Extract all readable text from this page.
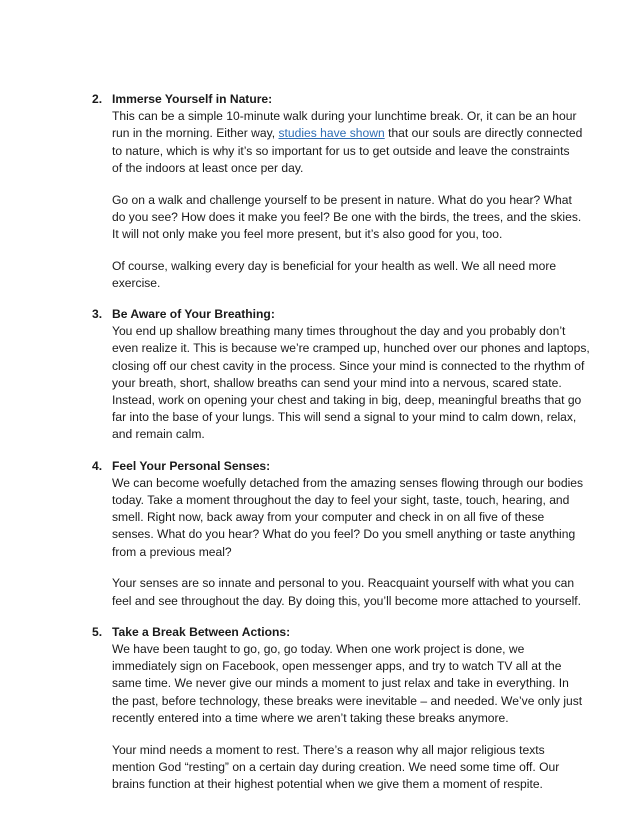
2. Immerse Yourself in Nature:

This can be a simple 10-minute walk during your lunchtime break. Or, it can be an hour
run in the morning. Either way, studies have shown that our souls are directly connected
to nature, which is why it’s so important for us to get outside and leave the constraints
of the indoors at least once per day.

Go on a walk and challenge yourself to be present in nature. What do you hear? What
do you see? How does it make you feel? Be one with the birds, the trees, and the skies.
It will not only make you feel more present, but it’s also good for you, too.

Of course, walking every day is beneficial for your health as well. We all need more
exercise.

3. Be Aware of Your Breathing:

You end up shallow breathing many times throughout the day and you probably don’t
even realize it. This is because we’re cramped up, hunched over our phones and laptops,
closing off our chest cavity in the process. Since your mind is connected to the rhythm of
your breath, short, shallow breaths can send your mind into a nervous, scared state.
Instead, work on opening your chest and taking in big, deep, meaningful breaths that go
far into the base of your lungs. This will send a signal to your mind to calm down, relax,
and remain calm.

4. Feel Your Personal Senses:

We can become woefully detached from the amazing senses flowing through our bodies
today. Take a moment throughout the day to feel your sight, taste, touch, hearing, and
smell. Right now, back away from your computer and check in on all five of these
senses. What do you hear? What do you feel? Do you smell anything or taste anything
from a previous meal?

Your senses are so innate and personal to you. Reacquaint yourself with what you can
feel and see throughout the day. By doing this, you’ll become more attached to yourself.

5. Take a Break Between Actions:

We have been taught to go, go, go today. When one work project is done, we
immediately sign on Facebook, open messenger apps, and try to watch TV all at the
same time. We never give our minds a moment to just relax and take in everything. In
the past, before technology, these breaks were inevitable – and needed. We’ve only just
recently entered into a time where we aren’t taking these breaks anymore.

Your mind needs a moment to rest. There’s a reason why all major religious texts
mention God “resting” on a certain day during creation. We need some time off. Our
brains function at their highest potential when we give them a moment of respite.
